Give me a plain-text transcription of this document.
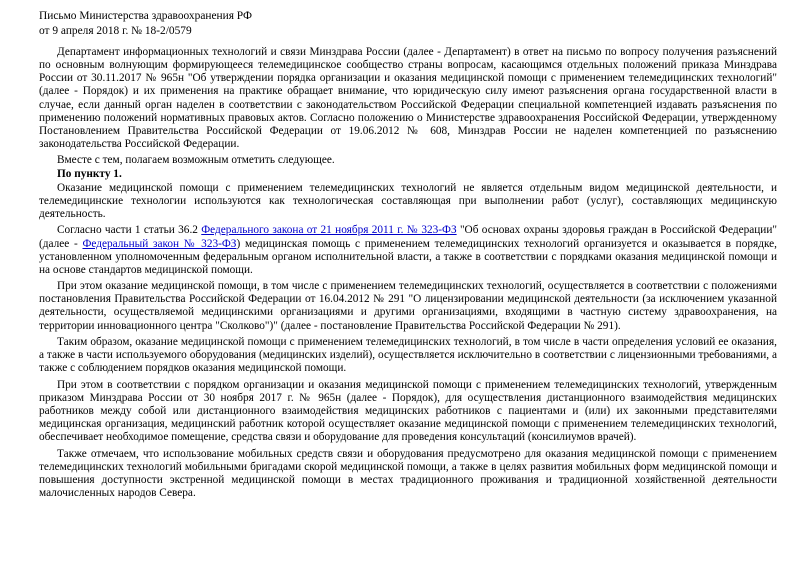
Письмо Министерства здравоохранения РФ
от 9 апреля 2018 г. № 18-2/0579
Департамент информационных технологий и связи Минздрава России (далее - Департамент) в ответ на письмо по вопросу получения разъяснений по основным волнующим формирующееся телемедицинское сообщество страны вопросам, касающимся отдельных положений приказа Минздрава России от 30.11.2017 № 965н "Об утверждении порядка организации и оказания медицинской помощи с применением телемедицинских технологий" (далее - Порядок) и их применения на практике обращает внимание, что юридическую силу имеют разъяснения органа государственной власти в случае, если данный орган наделен в соответствии с законодательством Российской Федерации специальной компетенцией издавать разъяснения по применению положений нормативных правовых актов. Согласно положению о Министерстве здравоохранения Российской Федерации, утвержденному Постановлением Правительства Российской Федерации от 19.06.2012 № 608, Минздрав России не наделен компетенцией по разъяснению законодательства Российской Федерации.
Вместе с тем, полагаем возможным отметить следующее.
По пункту 1.
Оказание медицинской помощи с применением телемедицинских технологий не является отдельным видом медицинской деятельности, и телемедицинские технологии используются как технологическая составляющая при выполнении работ (услуг), составляющих медицинскую деятельность.
Согласно части 1 статьи 36.2 Федерального закона от 21 ноября 2011 г. № 323-ФЗ "Об основах охраны здоровья граждан в Российской Федерации" (далее - Федеральный закон № 323-ФЗ) медицинская помощь с применением телемедицинских технологий организуется и оказывается в порядке, установленном уполномоченным федеральным органом исполнительной власти, а также в соответствии с порядками оказания медицинской помощи и на основе стандартов медицинской помощи.
При этом оказание медицинской помощи, в том числе с применением телемедицинских технологий, осуществляется в соответствии с положениями постановления Правительства Российской Федерации от 16.04.2012 № 291 "О лицензировании медицинской деятельности (за исключением указанной деятельности, осуществляемой медицинскими организациями и другими организациями, входящими в частную систему здравоохранения, на территории инновационного центра "Сколково")" (далее - постановление Правительства Российской Федерации № 291).
Таким образом, оказание медицинской помощи с применением телемедицинских технологий, в том числе в части определения условий ее оказания, а также в части используемого оборудования (медицинских изделий), осуществляется исключительно в соответствии с лицензионными требованиями, а также с соблюдением порядков оказания медицинской помощи.
При этом в соответствии с порядком организации и оказания медицинской помощи с применением телемедицинских технологий, утвержденным приказом Минздрава России от 30 ноября 2017 г. № 965н (далее - Порядок), для осуществления дистанционного взаимодействия медицинских работников между собой или дистанционного взаимодействия медицинских работников с пациентами и (или) их законными представителями медицинская организация, медицинский работник которой осуществляет оказание медицинской помощи с применением телемедицинских технологий, обеспечивает необходимое помещение, средства связи и оборудование для проведения консультаций (консилиумов врачей).
Также отмечаем, что использование мобильных средств связи и оборудования предусмотрено для оказания медицинской помощи с применением телемедицинских технологий мобильными бригадами скорой медицинской помощи, а также в целях развития мобильных форм медицинской помощи и повышения доступности экстренной медицинской помощи в местах традиционного проживания и традиционной хозяйственной деятельности малочисленных народов Севера.
